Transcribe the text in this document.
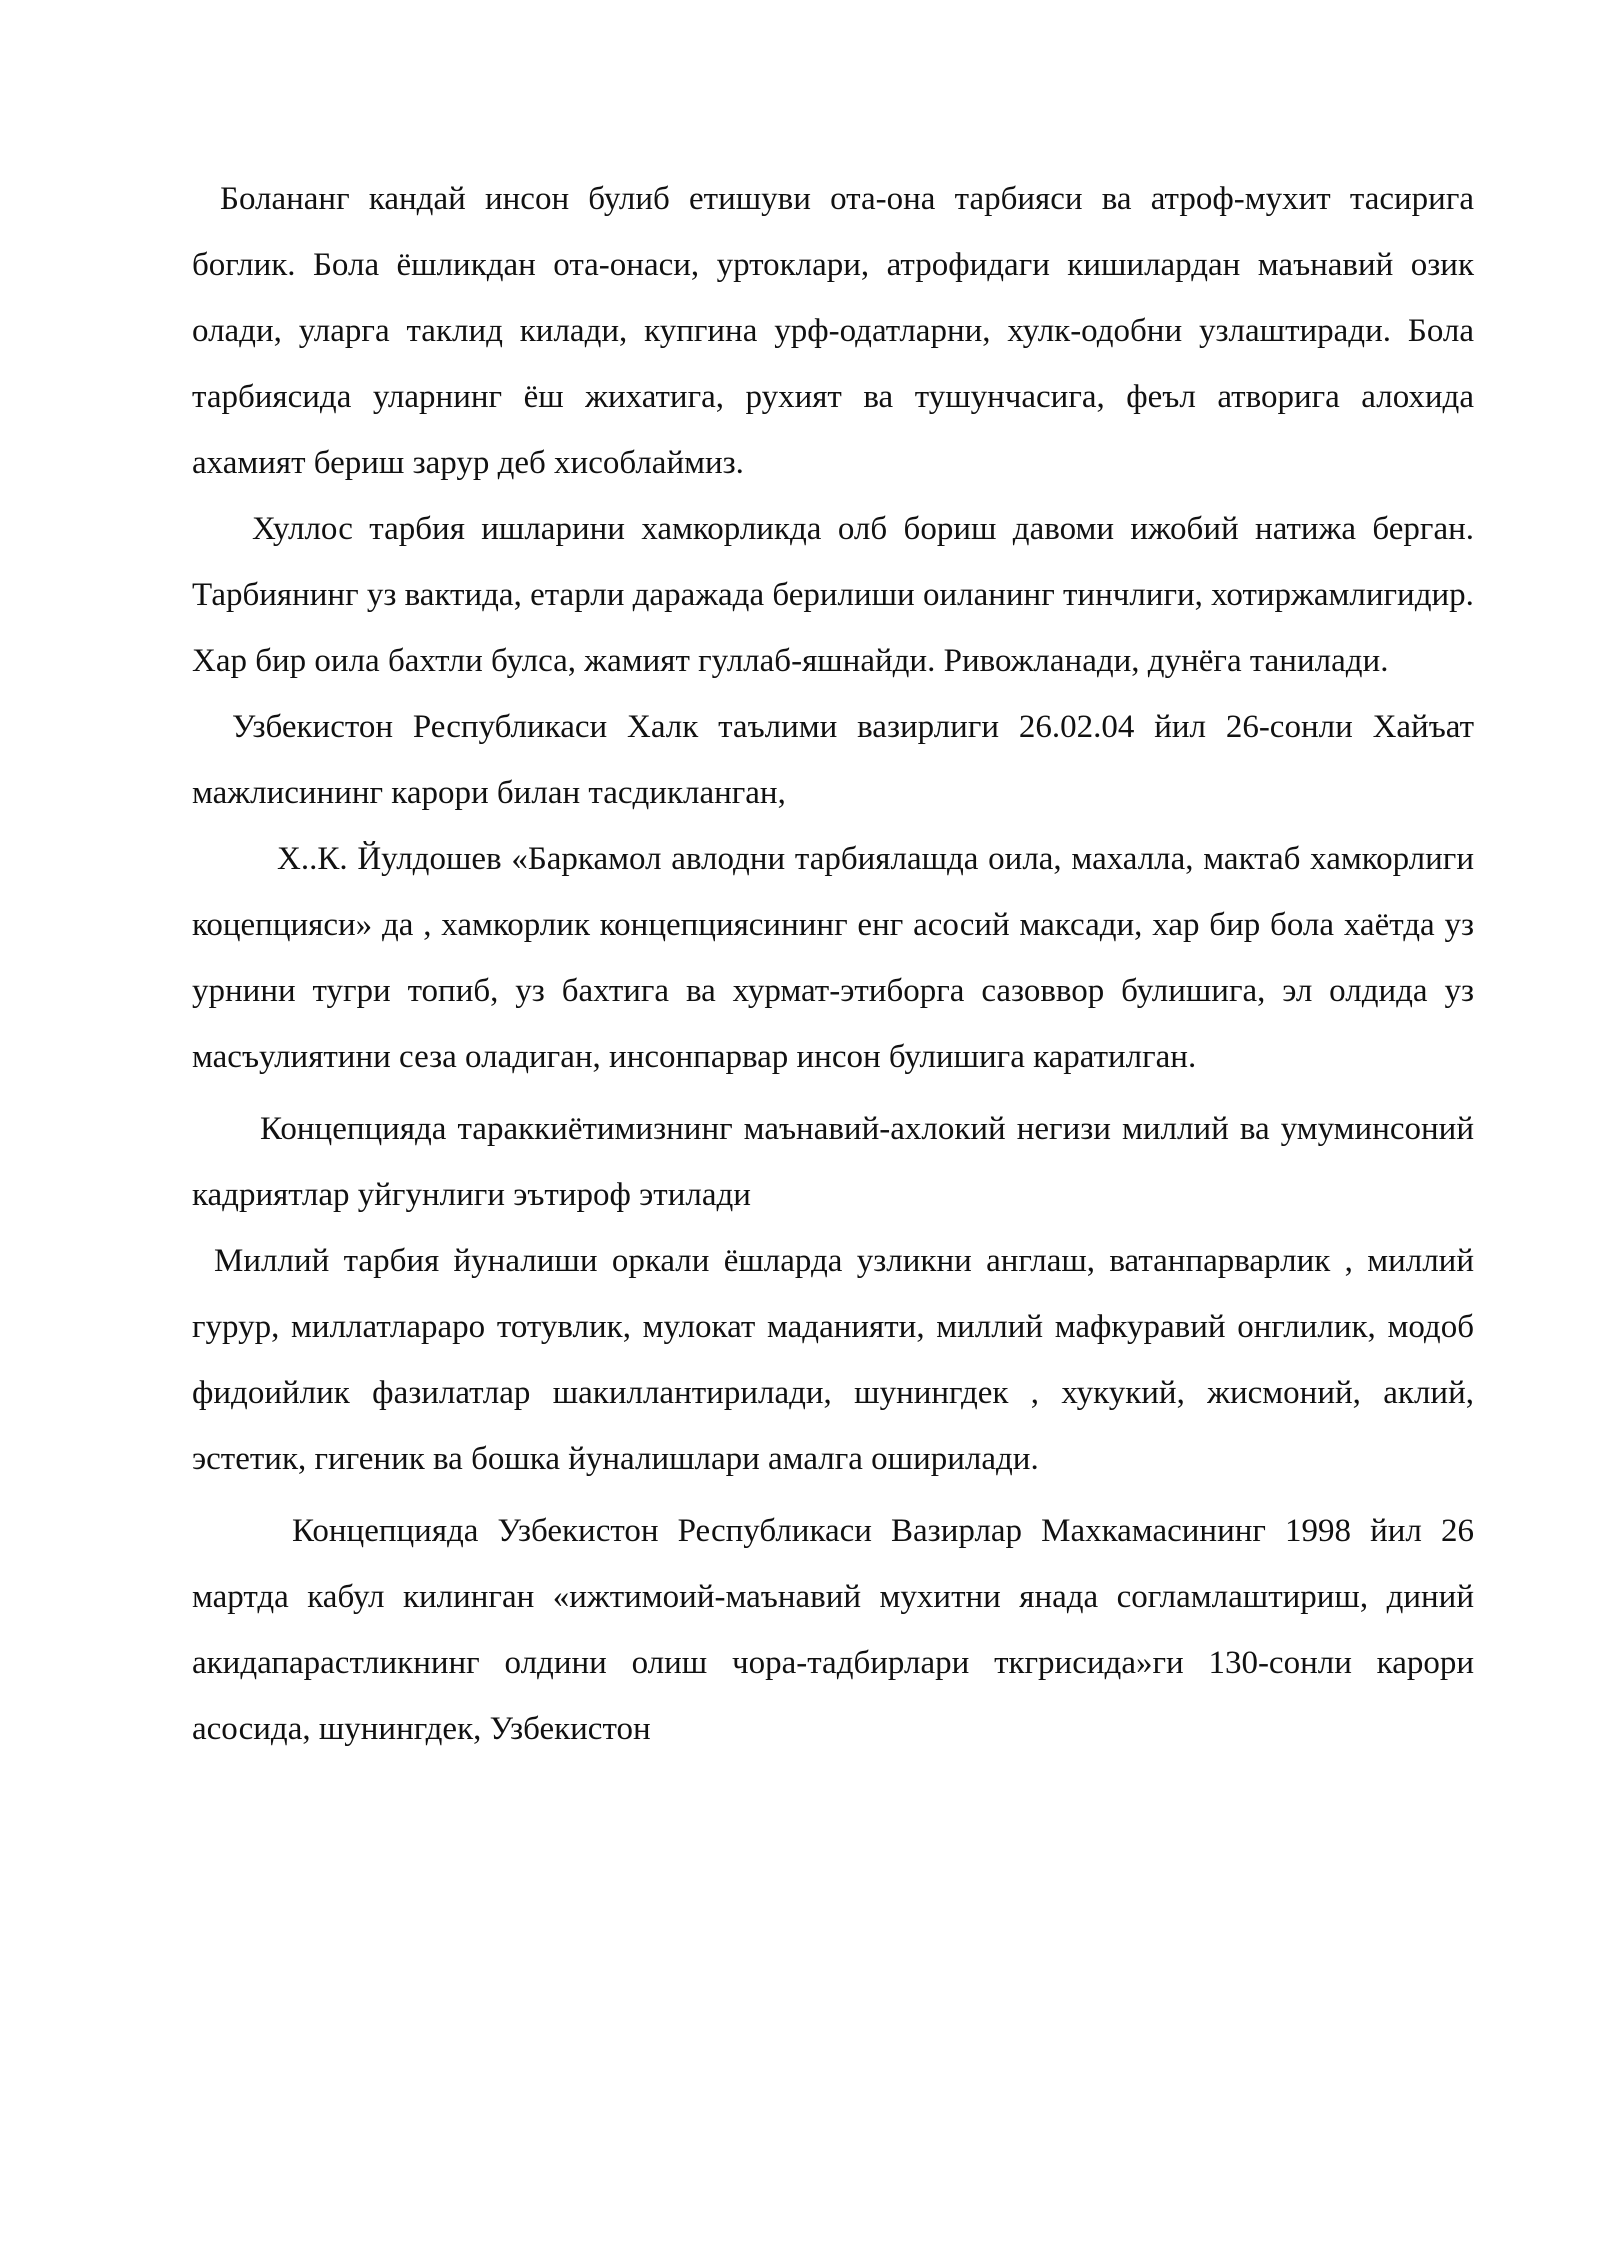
Болананг кандай инсон булиб етишуви ота-она тарбияси ва атроф-мухит тасирига боглик. Бола ёшликдан ота-онаси, уртоклари, атрофидаги кишилардан маънавий озик олади, уларга таклид килади, купгина урф-одатларни, хулк-одобни узлаштиради. Бола тарбиясида уларнинг ёш жихатига, рухият ва тушунчасига, феъл атворига алохида ахамият бериш зарур деб хисоблаймиз.

Хуллос тарбия ишларини хамкорликда олб бориш давоми ижобий натижа берган. Тарбиянинг уз вактида, етарли даражада берилиши оиланинг тинчлиги, хотиржамлигидир.

Хар бир оила бахтли булса, жамият гуллаб-яшнайди. Ривожланади, дунёга танилади.

Узбекистон Республикаси Халк таълими вазирлиги 26.02.04 йил 26-сонли Хайъат мажлисининг карори билан тасдикланган,

Х..К. Йулдошев «Баркамол авлодни тарбиялашда оила, махалла, мактаб хамкорлиги коцепцияси» да , хамкорлик концепциясининг енг асосий максади, хар бир бола хаётда уз урнини тугри топиб, уз бахтига ва хурмат-этиборга сазоввор булишига, эл олдида уз масъулиятини сеза оладиган, инсонпарвар инсон булишига каратилган.

Концепцияда тараккиётимизнинг маънавий-ахлокий негизи миллий ва умуминсоний кадриятлар уйгунлиги эътироф этилади

Миллий тарбия йуналиши оркали ёшларда узликни англаш, ватанпарварлик , миллий гурур, миллатлараро тотувлик, мулокат маданияти, миллий мафкуравий онглилик, модоб фидоийлик фазилатлар шакиллантирилади, шунингдек , хукукий, жисмоний, аклий, эстетик, гигеник ва бошка йуналишлари амалга оширилади.

Концепцияда Узбекистон Республикаси Вазирлар Махкамасининг 1998 йил 26 мартда кабул килинган «ижтимоий-маънавий мухитни янада согламлаштириш, диний акидапарастликнинг олдини олиш чора-тадбирлари ткгрисида»ги 130-сонли карори асосида, шунингдек, Узбекистон
